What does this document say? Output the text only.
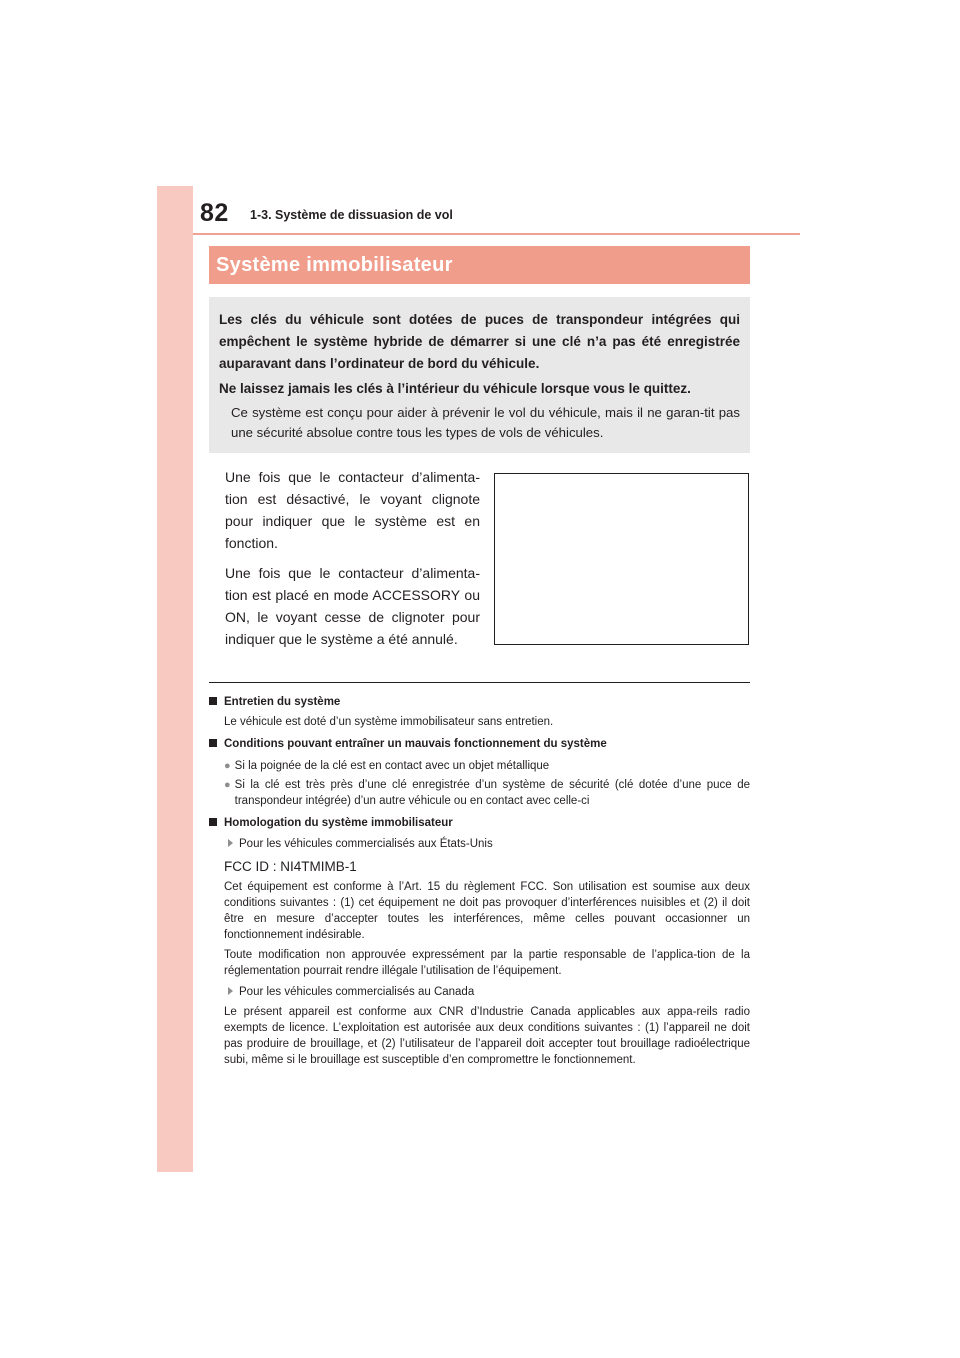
82 1-3. Système de dissuasion de vol
Système immobilisateur

Les clés du véhicule sont dotées de puces de transpondeur intégrées qui empêchent le système hybride de démarrer si une clé n’a pas été enregistrée auparavant dans l’ordinateur de bord du véhicule.

Ne laissez jamais les clés à l’intérieur du véhicule lorsque vous le quittez.

Ce système est conçu pour aider à prévenir le vol du véhicule, mais il ne garan-tit pas une sécurité absolue contre tous les types de vols de véhicules.

Une fois que le contacteur d’alimenta-tion est désactivé, le voyant clignote pour indiquer que le système est en fonction.

Une fois que le contacteur d’alimenta-tion est placé en mode ACCESSORY ou ON, le voyant cesse de clignoter pour indiquer que le système a été annulé.

Entretien du système
Le véhicule est doté d’un système immobilisateur sans entretien.
Conditions pouvant entraîner un mauvais fonctionnement du système
● Si la poignée de la clé est en contact avec un objet métallique
● Si la clé est très près d’une clé enregistrée d’un système de sécurité (clé dotée d’une puce de transpondeur intégrée) d’un autre véhicule ou en contact avec celle-ci
Homologation du système immobilisateur
Pour les véhicules commercialisés aux États-Unis
FCC ID : NI4TMIMB-1
Cet équipement est conforme à l’Art. 15 du règlement FCC. Son utilisation est soumise aux deux conditions suivantes : (1) cet équipement ne doit pas provoquer d’interférences nuisibles et (2) il doit être en mesure d’accepter toutes les interférences, même celles pouvant occasionner un fonctionnement indésirable.
Toute modification non approuvée expressément par la partie responsable de l’applica-tion de la réglementation pourrait rendre illégale l’utilisation de l’équipement.
Pour les véhicules commercialisés au Canada
Le présent appareil est conforme aux CNR d’Industrie Canada applicables aux appa-reils radio exempts de licence. L’exploitation est autorisée aux deux conditions suivantes : (1) l’appareil ne doit pas produire de brouillage, et (2) l’utilisateur de l’appareil doit accepter tout brouillage radioélectrique subi, même si le brouillage est susceptible d’en compromettre le fonctionnement.
